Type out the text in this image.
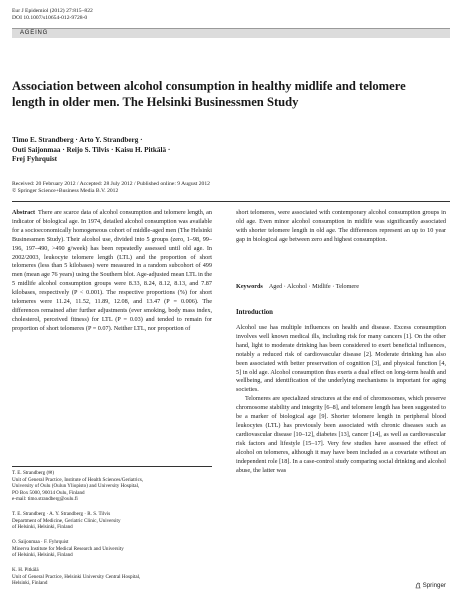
Eur J Epidemiol (2012) 27:815–822
DOI 10.1007/s10654-012-9728-0
AGEING
Association between alcohol consumption in healthy midlife and telomere length in older men. The Helsinki Businessmen Study
Timo E. Strandberg · Arto Y. Strandberg ·
Outi Saijonmaa · Reijo S. Tilvis · Kaisu H. Pitkälä ·
Frej Fyhrquist
Received: 20 February 2012 / Accepted: 28 July 2012 / Published online: 9 August 2012
© Springer Science+Business Media B.V. 2012
Abstract There are scarce data of alcohol consumption and telomere length, an indicator of biological age. In 1974, detailed alcohol consumption was available for a socioeconomically homogeneous cohort of middle-aged men (The Helsinki Businessmen Study). Their alcohol use, divided into 5 groups (zero, 1–98, 99–196, 197–490, >490 g/week) has been repeatedly assessed until old age. In 2002/2003, leukocyte telomere length (LTL) and the proportion of short telomeres (less than 5 kilobases) were measured in a random subcohort of 499 men (mean age 76 years) using the Southern blot. Age-adjusted mean LTL in the 5 midlife alcohol consumption groups were 8.33, 8.24, 8.12, 8.13, and 7.87 kilobases, respectively (P < 0.001). The respective proportions (%) for short telomeres were 11.24, 11.52, 11.89, 12.08, and 13.47 (P = 0.006). The differences remained after further adjustments (ever smoking, body mass index, cholesterol, perceived fitness) for LTL (P = 0.03) and tended to remain for proportion of short telomeres (P = 0.07). Neither LTL, nor proportion of
short telomeres, were associated with contemporary alcohol consumption groups in old age. Even minor alcohol consumption in midlife was significantly associated with shorter telomere length in old age. The differences represent an up to 10 year gap in biological age between zero and highest consumption.
Keywords Aged · Alcohol · Midlife · Telomere
Introduction

Alcohol use has multiple influences on health and disease. Excess consumption involves well known medical ills, including risk for many cancers [1]. On the other hand, light to moderate drinking has been considered to exert beneficial influences, notably a reduced risk of cardiovascular disease [2]. Moderate drinking has also been associated with better preservation of cognition [3], and physical function [4, 5] in old age. Alcohol consumption thus exerts a dual effect on long-term health and wellbeing, and identification of the underlying mechanisms is important for aging societies.

Telomeres are specialized structures at the end of chromosomes, which preserve chromosome stability and integrity [6–8], and telomere length has been suggested to be a marker of biological age [9]. Shorter telomere length in peripheral blood leukocytes (LTL) has previously been associated with chronic diseases such as cardiovascular disease [10–12], diabetes [13], cancer [14], as well as cardiovascular risk factors and lifestyle [15–17]. Very few studies have assessed the effect of alcohol on telomeres, although it may have been included as a covariate without an independent role [18]. In a case-control study comparing social drinking and alcohol abuse, the latter was

T. E. Strandberg (✉)
Unit of General Practice, Institute of Health Sciences/Geriatrics,
University of Oulu (Oulun Yliopisto) and University Hospital,
PO Box 5000, 90014 Oulu, Finland
e-mail: timo.strandberg@oulu.fi
T. E. Strandberg · A. Y. Strandberg · R. S. Tilvis
Department of Medicine, Geriatric Clinic, University
of Helsinki, Helsinki, Finland
O. Saijonmaa · F. Fyhrquist
Minerva Institute for Medical Research and University
of Helsinki, Helsinki, Finland
K. H. Pitkälä
Unit of General Practice, Helsinki University Central Hospital,
Helsinki, Finland	Springer
